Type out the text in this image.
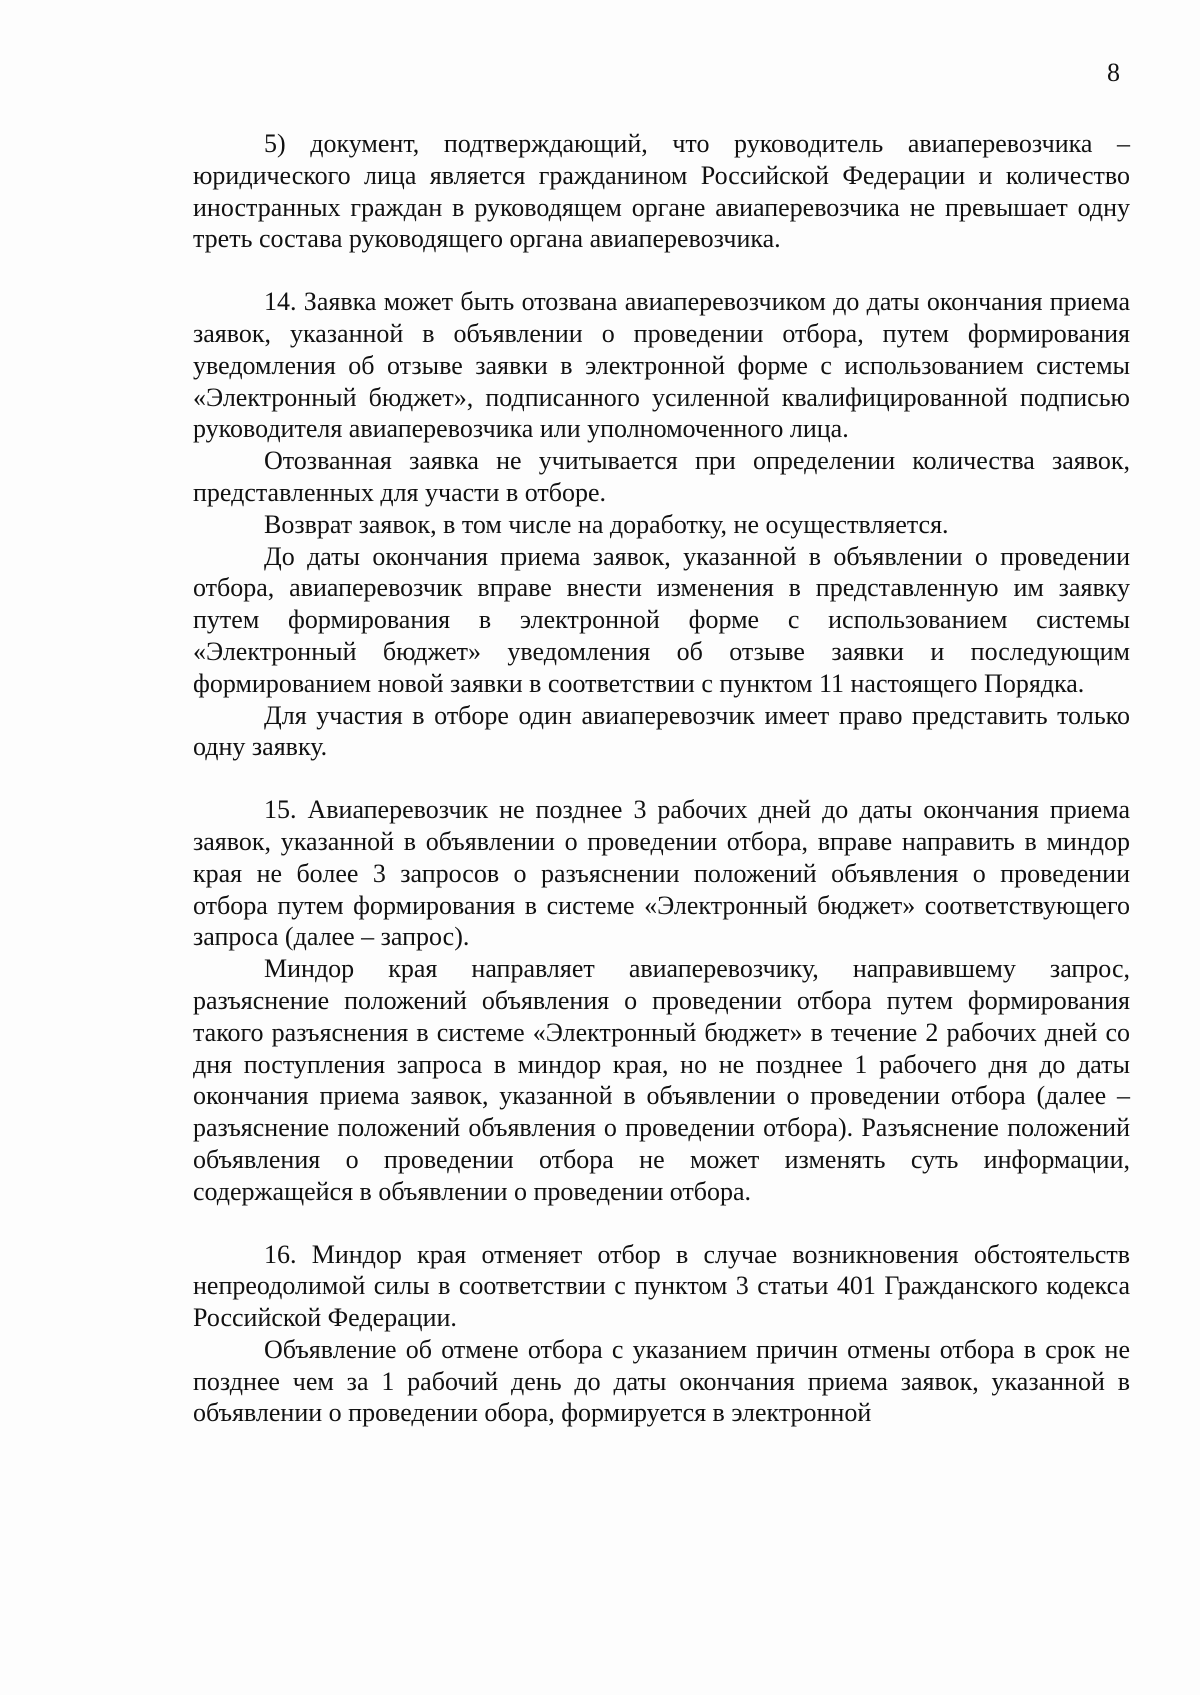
8

5) документ, подтверждающий, что руководитель авиаперевозчика – юридического лица является гражданином Российской Федерации и количество иностранных граждан в руководящем органе авиаперевозчика не превышает одну треть состава руководящего органа авиаперевозчика.

14. Заявка может быть отозвана авиаперевозчиком до даты окончания приема заявок, указанной в объявлении о проведении отбора, путем формирования уведомления об отзыве заявки в электронной форме с использованием системы «Электронный бюджет», подписанного усиленной квалифицированной подписью руководителя авиаперевозчика или уполномоченного лица.

Отозванная заявка не учитывается при определении количества заявок, представленных для участи в отборе.

Возврат заявок, в том числе на доработку, не осуществляется.

До даты окончания приема заявок, указанной в объявлении о проведении отбора, авиаперевозчик вправе внести изменения в представленную им заявку путем формирования в электронной форме с использованием системы «Электронный бюджет» уведомления об отзыве заявки и последующим формированием новой заявки в соответствии с пунктом 11 настоящего Порядка.

Для участия в отборе один авиаперевозчик имеет право представить только одну заявку.

15. Авиаперевозчик не позднее 3 рабочих дней до даты окончания приема заявок, указанной в объявлении о проведении отбора, вправе направить в миндор края не более 3 запросов о разъяснении положений объявления о проведении отбора путем формирования в системе «Электронный бюджет» соответствующего запроса (далее – запрос).

Миндор края направляет авиаперевозчику, направившему запрос, разъяснение положений объявления о проведении отбора путем формирования такого разъяснения в системе «Электронный бюджет» в течение 2 рабочих дней со дня поступления запроса в миндор края, но не позднее 1 рабочего дня до даты окончания приема заявок, указанной в объявлении о проведении отбора (далее – разъяснение положений объявления о проведении отбора). Разъяснение положений объявления о проведении отбора не может изменять суть информации, содержащейся в объявлении о проведении отбора.

16. Миндор края отменяет отбор в случае возникновения обстоятельств непреодолимой силы в соответствии с пунктом 3 статьи 401 Гражданского кодекса Российской Федерации.

Объявление об отмене отбора с указанием причин отмены отбора в срок не позднее чем за 1 рабочий день до даты окончания приема заявок, указанной в объявлении о проведении обора, формируется в электронной
